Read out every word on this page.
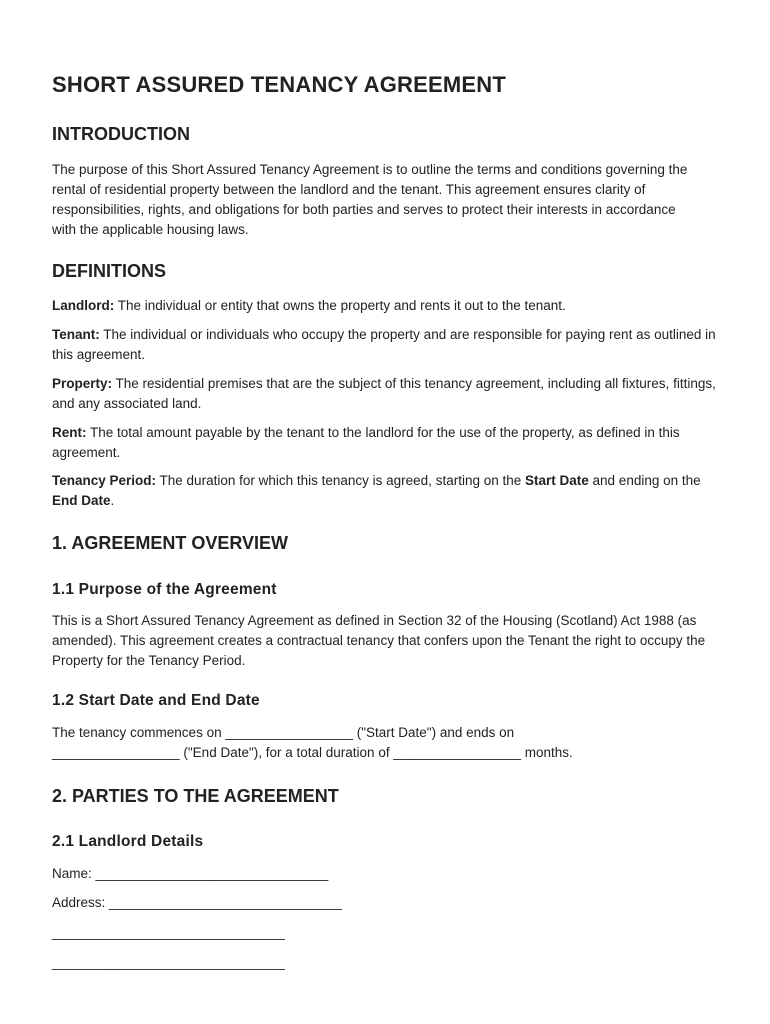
SHORT ASSURED TENANCY AGREEMENT
INTRODUCTION

The purpose of this Short Assured Tenancy Agreement is to outline the terms and conditions governing the rental of residential property between the landlord and the tenant. This agreement ensures clarity of responsibilities, rights, and obligations for both parties and serves to protect their interests in accordance with the applicable housing laws.

DEFINITIONS

Landlord: The individual or entity that owns the property and rents it out to the tenant.

Tenant: The individual or individuals who occupy the property and are responsible for paying rent as outlined in this agreement.

Property: The residential premises that are the subject of this tenancy agreement, including all fixtures, fittings, and any associated land.

Rent: The total amount payable by the tenant to the landlord for the use of the property, as defined in this agreement.

Tenancy Period: The duration for which this tenancy is agreed, starting on the Start Date and ending on the End Date.

1. AGREEMENT OVERVIEW
1.1 Purpose of the Agreement

This is a Short Assured Tenancy Agreement as defined in Section 32 of the Housing (Scotland) Act 1988 (as amended). This agreement creates a contractual tenancy that confers upon the Tenant the right to occupy the Property for the Tenancy Period.

1.2 Start Date and End Date
The tenancy commences on _________________ ("Start Date") and ends on
_________________ ("End Date"), for a total duration of _________________ months.
2. PARTIES TO THE AGREEMENT
2.1 Landlord Details
Name: _______________________________
Address: _______________________________
_______________________________
_______________________________
